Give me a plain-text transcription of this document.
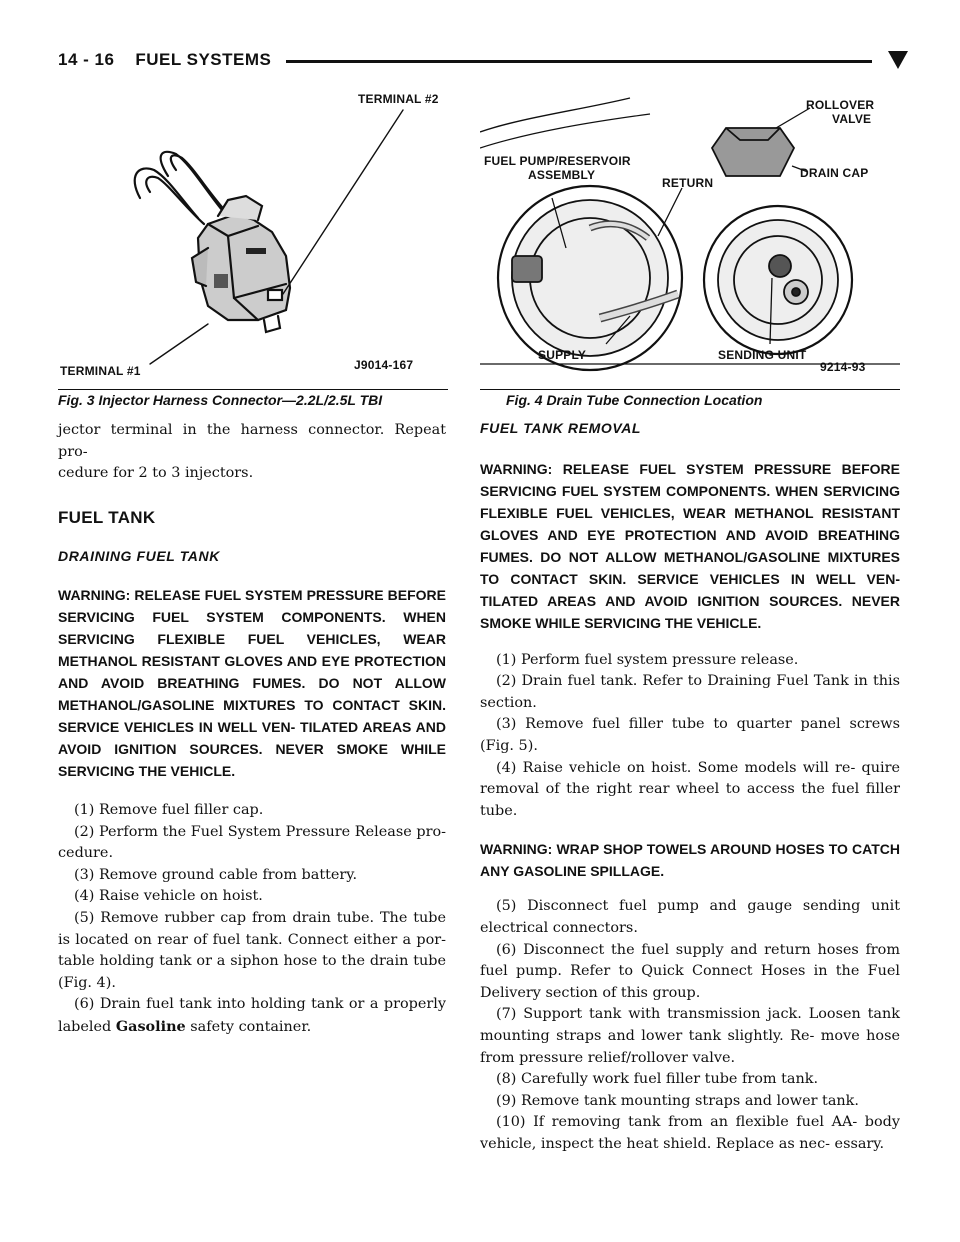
14 - 16    FUEL SYSTEMS
TERMINAL #2
TERMINAL #1	J9014-167
Fig. 3 Injector Harness Connector—2.2L/2.5L TBI
ROLLOVER
VALVE
FUEL PUMP/RESERVOIR
ASSEMBLY
RETURN
DRAIN CAP
SUPPLY	SENDING UNIT
9214-93
Fig. 4 Drain Tube Connection Location

jector terminal in the harness connector. Repeat pro-

cedure for 2 to 3 injectors.

FUEL TANK
DRAINING FUEL TANK
WARNING: RELEASE FUEL SYSTEM PRESSURE BEFORE SERVICING FUEL SYSTEM COMPONENTS. WHEN SERVICING FLEXIBLE FUEL VEHICLES, WEAR METHANOL RESISTANT GLOVES AND EYE PROTECTION AND AVOID BREATHING FUMES. DO NOT ALLOW METHANOL/GASOLINE MIXTURES TO CONTACT SKIN. SERVICE VEHICLES IN WELL VEN- TILATED AREAS AND AVOID IGNITION SOURCES. NEVER SMOKE WHILE SERVICING THE VEHICLE.

(1) Remove fuel filler cap.

(2) Perform the Fuel System Pressure Release pro- cedure.

(3) Remove ground cable from battery.

(4) Raise vehicle on hoist.

(5) Remove rubber cap from drain tube. The tube is located on rear of fuel tank. Connect either a por- table holding tank or a siphon hose to the drain tube (Fig. 4).

(6) Drain fuel tank into holding tank or a properly labeled Gasoline safety container.

FUEL TANK REMOVAL
WARNING: RELEASE FUEL SYSTEM PRESSURE BEFORE SERVICING FUEL SYSTEM COMPONENTS. WHEN SERVICING FLEXIBLE FUEL VEHICLES, WEAR METHANOL RESISTANT GLOVES AND EYE PROTECTION AND AVOID BREATHING FUMES. DO NOT ALLOW METHANOL/GASOLINE MIXTURES TO CONTACT SKIN. SERVICE VEHICLES IN WELL VEN- TILATED AREAS AND AVOID IGNITION SOURCES. NEVER SMOKE WHILE SERVICING THE VEHICLE.

(1) Perform fuel system pressure release.

(2) Drain fuel tank. Refer to Draining Fuel Tank in this section.

(3) Remove fuel filler tube to quarter panel screws (Fig. 5).

(4) Raise vehicle on hoist. Some models will re- quire removal of the right rear wheel to access the fuel filler tube.

WARNING: WRAP SHOP TOWELS AROUND HOSES TO CATCH ANY GASOLINE SPILLAGE.

(5) Disconnect fuel pump and gauge sending unit electrical connectors.

(6) Disconnect the fuel supply and return hoses from fuel pump. Refer to Quick Connect Hoses in the Fuel Delivery section of this group.

(7) Support tank with transmission jack. Loosen tank mounting straps and lower tank slightly. Re- move hose from pressure relief/rollover valve.

(8) Carefully work fuel filler tube from tank.

(9) Remove tank mounting straps and lower tank.

(10) If removing tank from an flexible fuel AA- body vehicle, inspect the heat shield. Replace as nec- essary.
